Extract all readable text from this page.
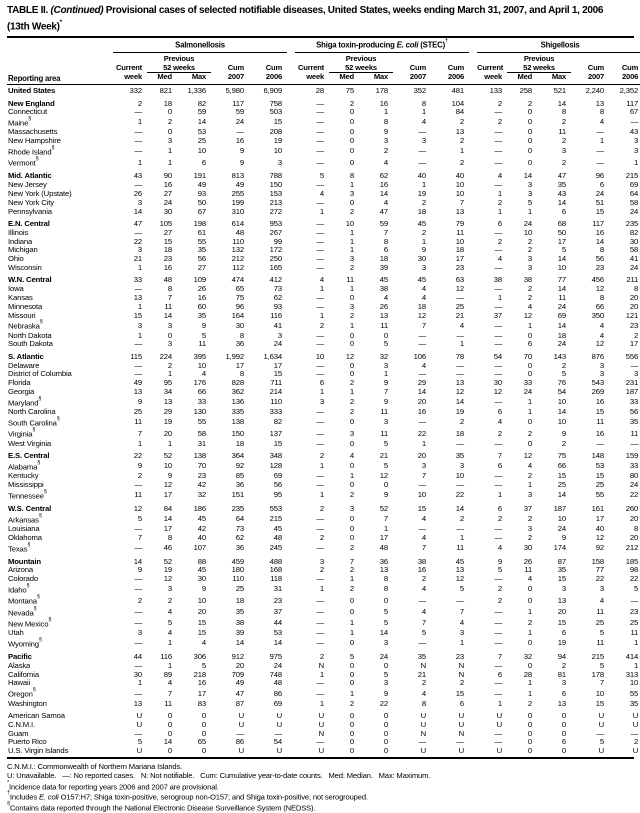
TABLE II. (Continued) Provisional cases of selected notifiable diseases, United States, weeks ending March 31, 2007, and April 1, 2006
(13th Week)*
Reporting area	Salmonellosis						Shiga toxin-producing E. coli (STEC)†						Shigellosis				
		Previous						Previous						Previous			
	Current	52 weeks		Cum	Cum		Current	52 weeks		Cum	Cum		Current	52 weeks		Cum	Cum
	week	Med	Max	2007	2006		week	Med	Max	2007	2006		week	Med	Max	2007	2006
United States	332	821	1,336	5,980	6,909		28	75	178	352	481		133	258	521	2,240	2,352
New England	2	18	82	117	758		—	2	16	8	104		2	2	14	13	117
Connecticut	—	0	59	59	503		—	0	1	1	84		—	0	8	8	67
Maine§	1	2	14	24	15		—	0	8	4	2		2	0	2	4	—
Massachusetts	—	0	53	—	208		—	0	9	—	13		—	0	11	—	43
New Hampshire	—	3	25	16	19		—	0	3	3	2		—	0	2	1	3
Rhode Island§	—	1	10	9	10		—	0	2	—	1		—	0	3	—	3
Vermont§	1	1	6	9	3		—	0	4	—	2		—	0	2	—	1
Mid. Atlantic	43	90	191	813	788		5	8	62	40	40		4	14	47	96	215
New Jersey	—	16	49	49	150		—	1	16	1	10		—	3	35	6	69
New York (Upstate)	26	27	93	255	153		4	3	14	19	10		1	3	43	24	64
New York City	3	24	50	199	213		—	0	4	2	7		2	5	14	51	58
Pennsylvania	14	30	67	310	272		1	2	47	18	13		1	1	6	15	24
E.N. Central	47	105	198	614	953		—	10	59	45	79		6	24	68	117	235
Illinois	—	27	61	48	267		—	1	7	2	11		—	10	50	16	82
Indiana	22	15	55	110	99		—	1	8	1	10		2	2	17	14	30
Michigan	3	18	35	132	172		—	1	6	9	18		—	2	5	8	58
Ohio	21	23	56	212	250		—	3	18	30	17		4	3	14	56	41
Wisconsin	1	16	27	112	165		—	2	39	3	23		—	3	10	23	24
W.N. Central	33	48	109	474	412		4	11	45	45	63		38	38	77	456	211
Iowa	—	8	26	65	73		1	1	38	4	12		—	2	14	12	8
Kansas	13	7	16	75	62		—	0	4	4	—		1	2	11	8	20
Minnesota	1	11	60	96	93		—	3	26	18	25		—	4	24	66	20
Missouri	15	14	35	164	116		1	2	13	12	21		37	12	69	350	121
Nebraska§	3	3	9	30	41		2	1	11	7	4		—	1	14	4	23
North Dakota	1	0	5	8	3		—	0	0	—	—		—	0	18	4	2
South Dakota	—	3	11	36	24		—	0	5	—	1		—	6	24	12	17
S. Atlantic	115	224	395	1,992	1,634		10	12	32	106	78		54	70	143	876	556
Delaware	—	2	10	17	17		—	0	3	4	—		—	0	2	3	—
District of Columbia	—	1	4	8	15		—	0	1	—	—		—	0	5	3	3
Florida	49	95	176	828	711		6	2	9	29	13		30	33	76	543	231
Georgia	13	34	66	362	214		1	1	7	14	12		12	24	54	269	187
Maryland§	9	13	33	136	110		3	2	9	20	14		—	1	10	16	33
North Carolina	25	29	130	335	333		—	2	11	16	19		6	1	14	15	56
South Carolina§	11	19	55	138	82		—	0	3	—	2		4	0	10	11	35
Virginia§	7	20	58	150	137		—	3	11	22	18		2	2	9	16	11
West Virginia	1	1	31	18	15		—	0	5	1	—		—	0	2	—	—
E.S. Central	22	52	138	364	348		2	4	21	20	35		7	12	75	148	159
Alabama§	9	10	70	92	128		1	0	5	3	3		6	4	66	53	33
Kentucky	2	9	23	85	69		—	1	12	7	10		—	2	15	15	80
Mississippi	—	12	42	36	56		—	0	0	—	—		—	1	25	25	24
Tennessee§	11	17	32	151	95		1	2	9	10	22		1	3	14	55	22
W.S. Central	12	84	186	235	553		2	3	52	15	14		6	37	187	161	260
Arkansas§	5	14	45	64	215		—	0	7	4	2		2	2	10	17	20
Louisiana	—	17	42	73	45		—	0	1	—	—		—	3	24	40	8
Oklahoma	7	8	40	62	48		2	0	17	4	1		—	2	9	12	20
Texas§	—	46	107	36	245		—	2	48	7	11		4	30	174	92	212
Mountain	14	52	88	459	488		3	7	36	38	45		9	26	87	158	185
Arizona	9	19	45	180	168		2	2	13	16	13		5	11	35	77	98
Colorado	—	12	30	110	118		—	1	8	2	12		—	4	15	22	22
Idaho§	—	3	9	25	31		1	2	8	4	5		2	0	3	3	5
Montana§	2	2	10	18	23		—	0	0	—	—		2	0	13	4	—
Nevada§	—	4	20	35	37		—	0	5	4	7		—	1	20	11	23
New Mexico§	—	5	15	38	44		—	1	5	7	4		—	2	15	25	25
Utah	3	4	15	39	53		—	1	14	5	3		—	1	6	5	11
Wyoming§	—	1	4	14	14		—	0	3	—	1		—	0	19	11	1
Pacific	44	116	306	912	975		2	5	24	35	23		7	32	94	215	414
Alaska	—	1	5	20	24		N	0	0	N	N		—	0	2	5	1
California	30	89	218	709	748		1	0	5	21	N		6	28	81	178	313
Hawaii	1	4	16	49	48		—	0	3	2	2		—	1	3	7	10
Oregon§	—	7	17	47	86		—	1	9	4	15		—	1	6	10	55
Washington	13	11	83	87	69		1	2	22	8	6		1	2	13	15	35
American Samoa	U	0	0	U	U		U	0	0	U	U		U	0	0	U	U
C.N.M.I.	U	0	0	U	U		U	0	0	U	U		U	0	0	U	U
Guam	—	0	0	—	—		N	0	0	N	N		—	0	0	—	—
Puerto Rico	5	14	65	86	54		—	0	0	—	—		—	0	6	5	2
U.S. Virgin Islands	U	0	0	U	U		U	0	0	U	U		U	0	0	U	U
C.N.M.I.: Commonwealth of Northern Mariana Islands.
U: Unavailable.   —: No reported cases.   N: Not notifiable.   Cum: Cumulative year-to-date counts.   Med: Median.   Max: Maximum.
*Incidence data for reporting years 2006 and 2007 are provisional.
†Includes E. coli O157:H7; Shiga toxin-positive, serogroup non-O157; and Shiga toxin-positive, not serogrouped.
§Contains data reported through the National Electronic Disease Surveillance System (NEDSS).
